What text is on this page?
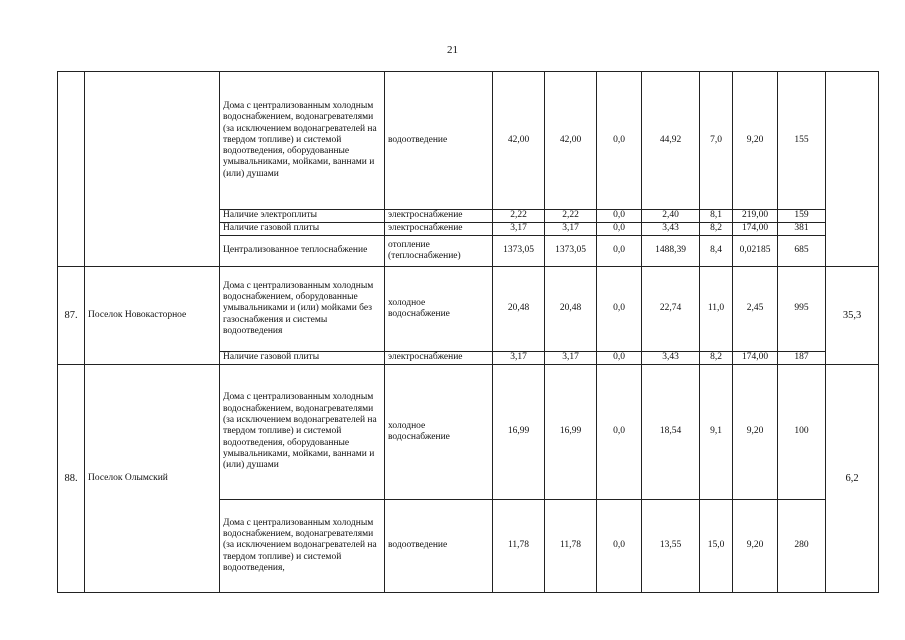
21
		Дома с централизованным холодным водоснабжением, водонагревателями (за исключением водонагревателей на твердом топливе) и системой водоотведения, оборудованные умывальниками, мойками, ваннами и (или) душами	водоотведение	42,00	42,00	0,0	44,92	7,0	9,20	155	
		Наличие электроплиты	электроснабжение	2,22	2,22	0,0	2,40	8,1	219,00	159	
		Наличие газовой плиты	электроснабжение	3,17	3,17	0,0	3,43	8,2	174,00	381	
		Централизованное теплоснабжение	отопление (теплоснабжение)	1373,05	1373,05	0,0	1488,39	8,4	0,02185	685	
87.	Поселок Новокасторное	Дома с централизованным холодным водоснабжением, оборудованные умывальниками и (или) мойками без газоснабжения и системы водоотведения	холодное водоснабжение	20,48	20,48	0,0	22,74	11,0	2,45	995	35,3
		Наличие газовой плиты	электроснабжение	3,17	3,17	0,0	3,43	8,2	174,00	187	
88.	Поселок Олымский	Дома с централизованным холодным водоснабжением, водонагревателями (за исключением водонагревателей на твердом топливе) и системой водоотведения, оборудованные умывальниками, мойками, ваннами и (или) душами	холодное водоснабжение	16,99	16,99	0,0	18,54	9,1	9,20	100	6,2
		Дома с централизованным холодным водоснабжением, водонагревателями (за исключением водонагревателей на твердом топливе) и системой водоотведения,	водоотведение	11,78	11,78	0,0	13,55	15,0	9,20	280	
